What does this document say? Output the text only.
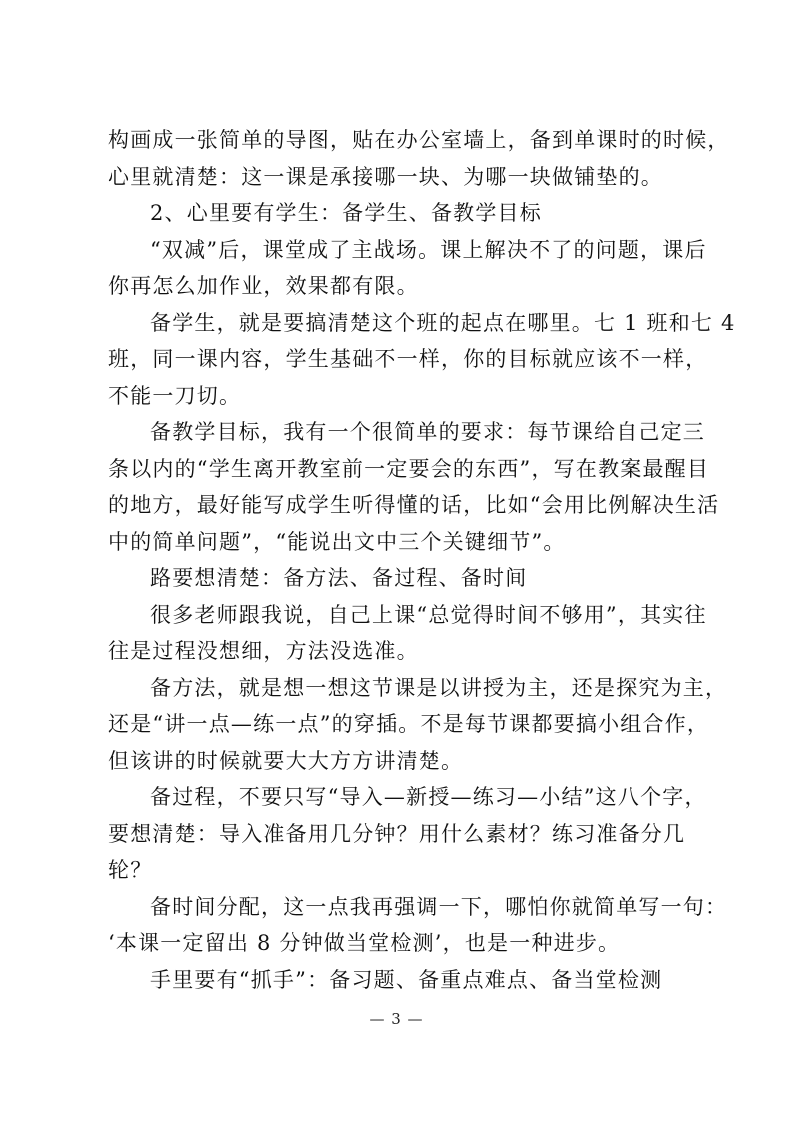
构画成一张简单的导图，贴在办公室墙上，备到单课时的时候，
心里就清楚：这一课是承接哪一块、为哪一块做铺垫的。
2、心里要有学生：备学生、备教学目标
“双减”后，课堂成了主战场。课上解决不了的问题，课后
你再怎么加作业，效果都有限。
备学生，就是要搞清楚这个班的起点在哪里。七 1 班和七 4
班，同一课内容，学生基础不一样，你的目标就应该不一样，
不能一刀切。
备教学目标，我有一个很简单的要求：每节课给自己定三
条以内的“学生离开教室前一定要会的东西”，写在教案最醒目
的地方，最好能写成学生听得懂的话，比如“会用比例解决生活
中的简单问题”，“能说出文中三个关键细节”。
路要想清楚：备方法、备过程、备时间
很多老师跟我说，自己上课“总觉得时间不够用”，其实往
往是过程没想细，方法没选准。
备方法，就是想一想这节课是以讲授为主，还是探究为主，
还是“讲一点—练一点”的穿插。不是每节课都要搞小组合作，
但该讲的时候就要大大方方讲清楚。
备过程，不要只写“导入—新授—练习—小结”这八个字，
要想清楚：导入准备用几分钟？用什么素材？练习准备分几
轮？
备时间分配，这一点我再强调一下，哪怕你就简单写一句：
‘本课一定留出 8 分钟做当堂检测’，也是一种进步。
手里要有“抓手”：备习题、备重点难点、备当堂检测
— 3 —
